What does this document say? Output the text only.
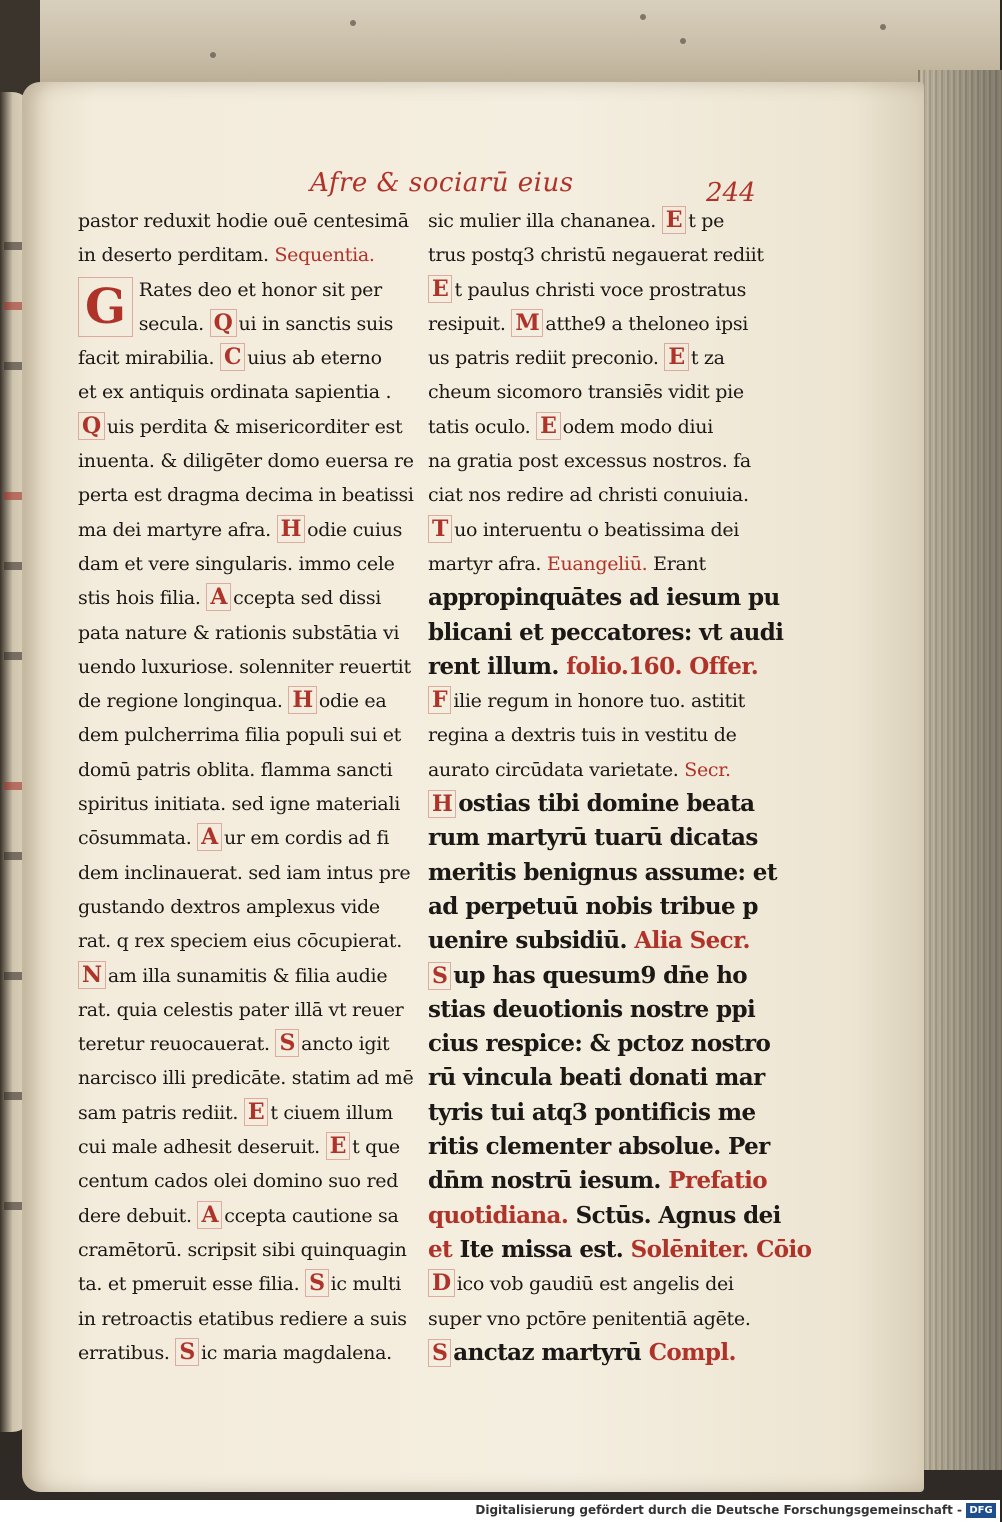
Afre & sociarū eius	244
pastor reduxit hodie ouē centesimā
in deserto perditam. Sequentia.
G Rates deo et honor sit per
secula. Q ui in sanctis suis
facit mirabilia. C uius ab eterno
et ex antiquis ordinata sapientia .
Q uis perdita & misericorditer est
inuenta. & diligēter domo euersa re
perta est dragma decima in beatissi
ma dei martyre afra. H odie cuius
dam et vere singularis. immo cele
stis hois filia. A ccepta sed dissi
pata nature & rationis substātia vi
uendo luxuriose. solenniter reuertit
de regione longinqua. H odie ea
dem pulcherrima filia populi sui et
domū patris oblita. flamma sancti
spiritus initiata. sed igne materiali
cōsummata. A ur em cordis ad fi
dem inclinauerat. sed iam intus pre
gustando dextros amplexus vide
rat. q rex speciem eius cōcupierat.
N am illa sunamitis & filia audie
rat. quia celestis pater illā vt reuer
teretur reuocauerat. S ancto igit
narcisco illi predicāte. statim ad mē
sam patris rediit. E t ciuem illum
cui male adhesit deseruit. E t que
centum cados olei domino suo red
dere debuit. A ccepta cautione sa
cramētorū. scripsit sibi quinquagin
ta. et pmeruit esse filia. S ic multi
in retroactis etatibus rediere a suis
erratibus. S ic maria magdalena.
sic mulier illa chananea. E t pe
trus postq3 christū negauerat rediit
E t paulus christi voce prostratus
resipuit. M atthe9 a theloneo ipsi
us patris rediit preconio. E t za
cheum sicomoro transiēs vidit pie
tatis oculo. E odem modo diui
na gratia post excessus nostros. fa
ciat nos redire ad christi conuiuia.
T uo interuentu o beatissima dei
martyr afra. Euangeliū. Erant
appropinquātes ad iesum pu
blicani et peccatores: vt audi
rent illum. folio.160. Offer.
F ilie regum in honore tuo. astitit
regina a dextris tuis in vestitu de
aurato circūdata varietate. Secr.
H ostias tibi domine beata
rum martyrū tuarū dicatas
meritis benignus assume: et
ad perpetuū nobis tribue p
uenire subsidiū. Alia Secr.
S up has quesum9 dn̄e ho
stias deuotionis nostre ppi
cius respice: & pctoz nostro
rū vincula beati donati mar
tyris tui atq3 pontificis me
ritis clementer absolue. Per
dn̄m nostrū iesum. Prefatio
quotidiana. Sctūs. Agnus dei
et Ite missa est. Solēniter. Cōio
D ico vob gaudiū est angelis dei
super vno pctōre penitentiā agēte.
S anctaz martyrū Compl.
Digitalisierung gefördert durch die Deutsche Forschungsgemeinschaft - DFG
